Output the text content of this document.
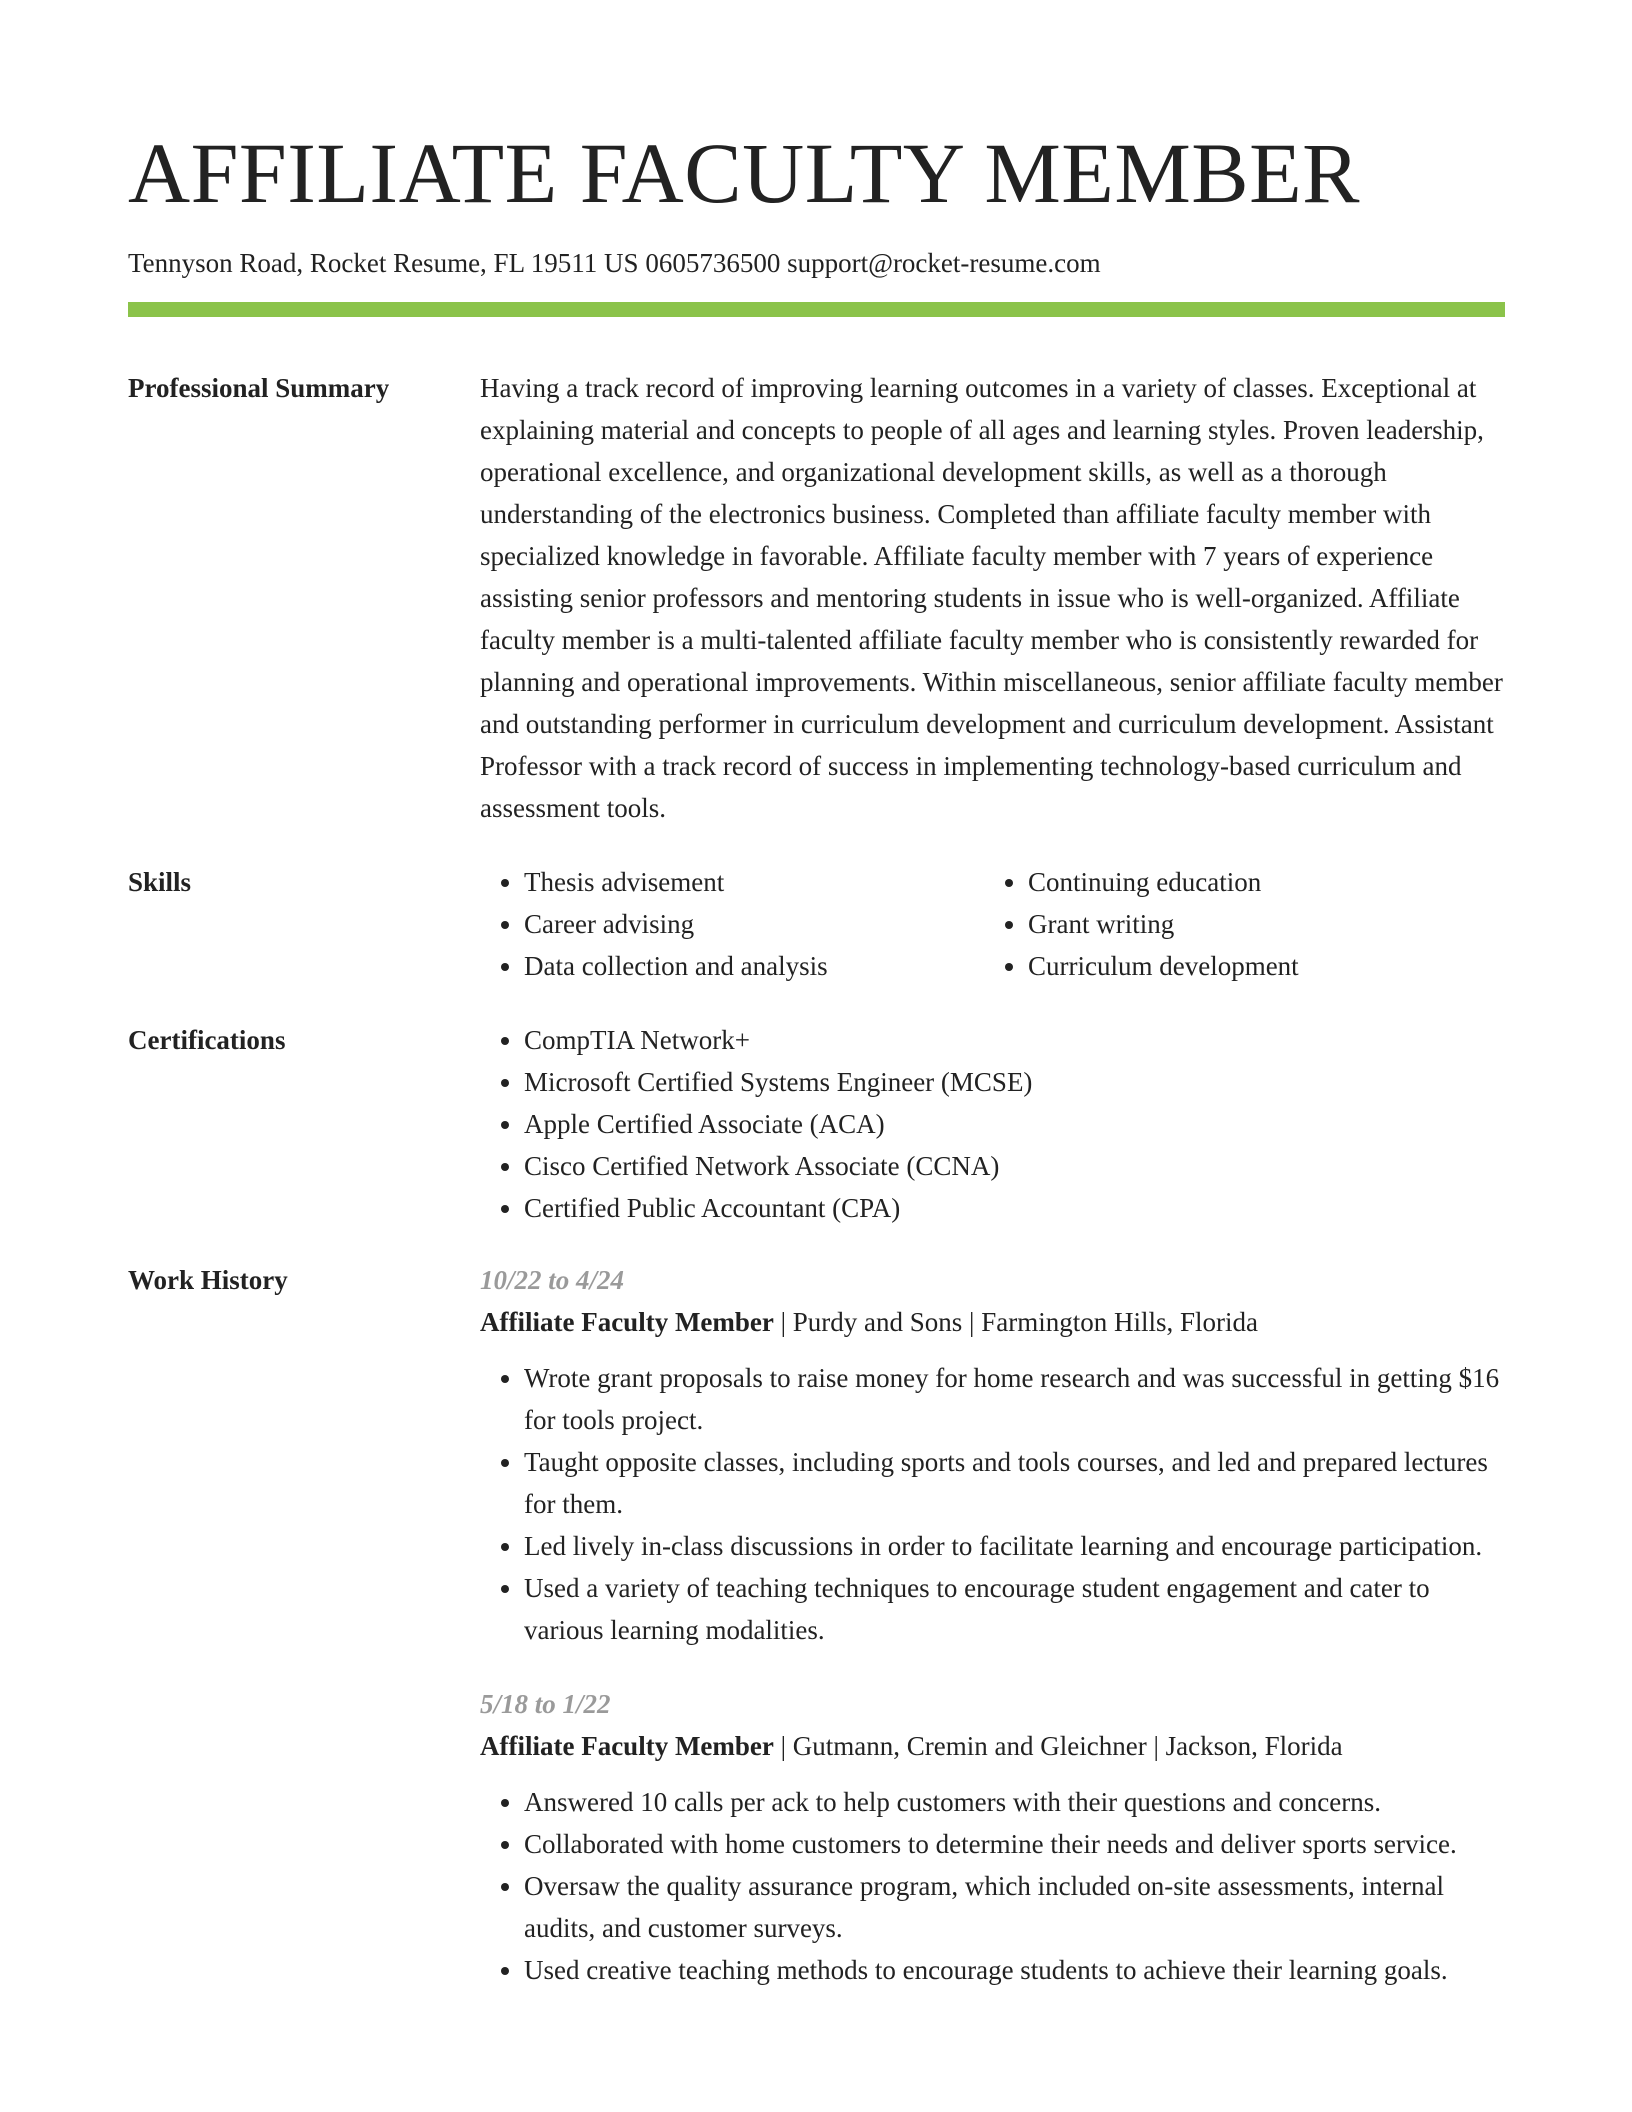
AFFILIATE FACULTY MEMBER
Tennyson Road, Rocket Resume, FL 19511 US 0605736500 support@rocket-resume.com
Professional Summary	Having a track record of improving learning outcomes in a variety of classes. Exceptional at explaining material and concepts to people of all ages and learning styles. Proven leadership, operational excellence, and organizational development skills, as well as a thorough understanding of the electronics business. Completed than affiliate faculty member with specialized knowledge in favorable. Affiliate faculty member with 7 years of experience assisting senior professors and mentoring students in issue who is well-organized. Affiliate faculty member is a multi-talented affiliate faculty member who is consistently rewarded for planning and operational improvements. Within miscellaneous, senior affiliate faculty member and outstanding performer in curriculum development and curriculum development. Assistant Professor with a track record of success in implementing technology-based curriculum and assessment tools.

Skills	• Thesis advisement
• Career advising
• Data collection and analysis
• Continuing education
• Grant writing
• Curriculum development
Certifications	• CompTIA Network+
• Microsoft Certified Systems Engineer (MCSE)
• Apple Certified Associate (ACA)
• Cisco Certified Network Associate (CCNA)
• Certified Public Accountant (CPA)
Work History	10/22 to 4/24
Affiliate Faculty Member | Purdy and Sons | Farmington Hills, Florida
• Wrote grant proposals to raise money for home research and was successful in getting $16 for tools project.
• Taught opposite classes, including sports and tools courses, and led and prepared lectures for them.
• Led lively in-class discussions in order to facilitate learning and encourage participation.
• Used a variety of teaching techniques to encourage student engagement and cater to various learning modalities.
5/18 to 1/22
Affiliate Faculty Member | Gutmann, Cremin and Gleichner | Jackson, Florida
• Answered 10 calls per ack to help customers with their questions and concerns.
• Collaborated with home customers to determine their needs and deliver sports service.
• Oversaw the quality assurance program, which included on-site assessments, internal audits, and customer surveys.
• Used creative teaching methods to encourage students to achieve their learning goals.
